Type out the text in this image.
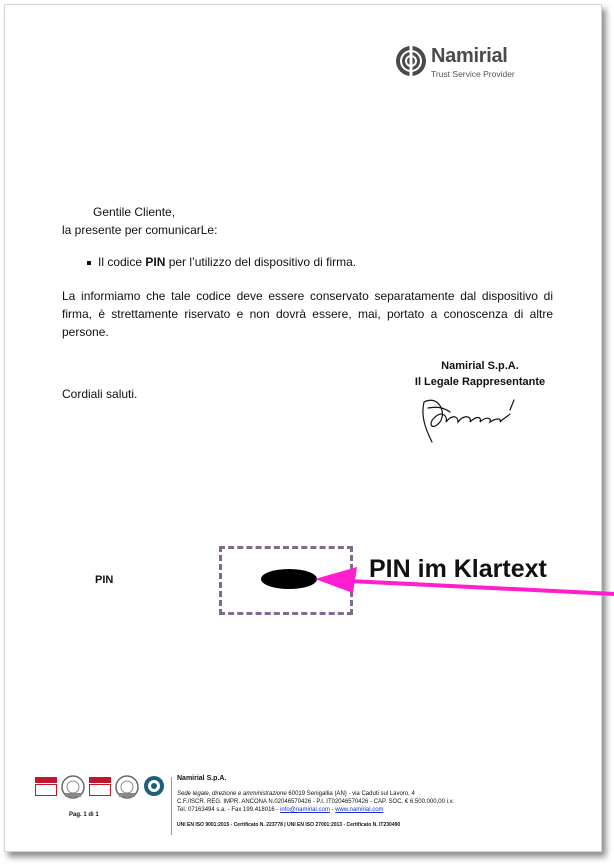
Namirial
Trust Service Provider
Gentile Cliente,
la presente per comunicarLe:
Il codice PIN per l’utilizzo del dispositivo di firma.
La informiamo che tale codice deve essere conservato separatamente dal dispositivo di firma, è strettamente riservato e non dovrà essere, mai, portato a conoscenza di altre persone.
Namirial S.p.A.
Il Legale Rappresentante
Cordiali saluti.
PIN	PIN im Klartext
Pag. 1 di 1
Namirial S.p.A.
Sede legale, direzione e amministrazione 60019 Senigallia (AN) - via Caduti sul Lavoro, 4
C.F./ISCR. REG. IMPR. ANCONA N.02046570426 - P.I. IT02046570426 - CAP. SOC. € 6.500.000,00 i.v.
Tel. 07163494 s.a. - Fax 199.418016 - info@namirial.com - www.namirial.com
UNI EN ISO 9001:2015 - Certificato N. 223778 | UNI EN ISO 27001:2013 - Certificato N. IT230490
